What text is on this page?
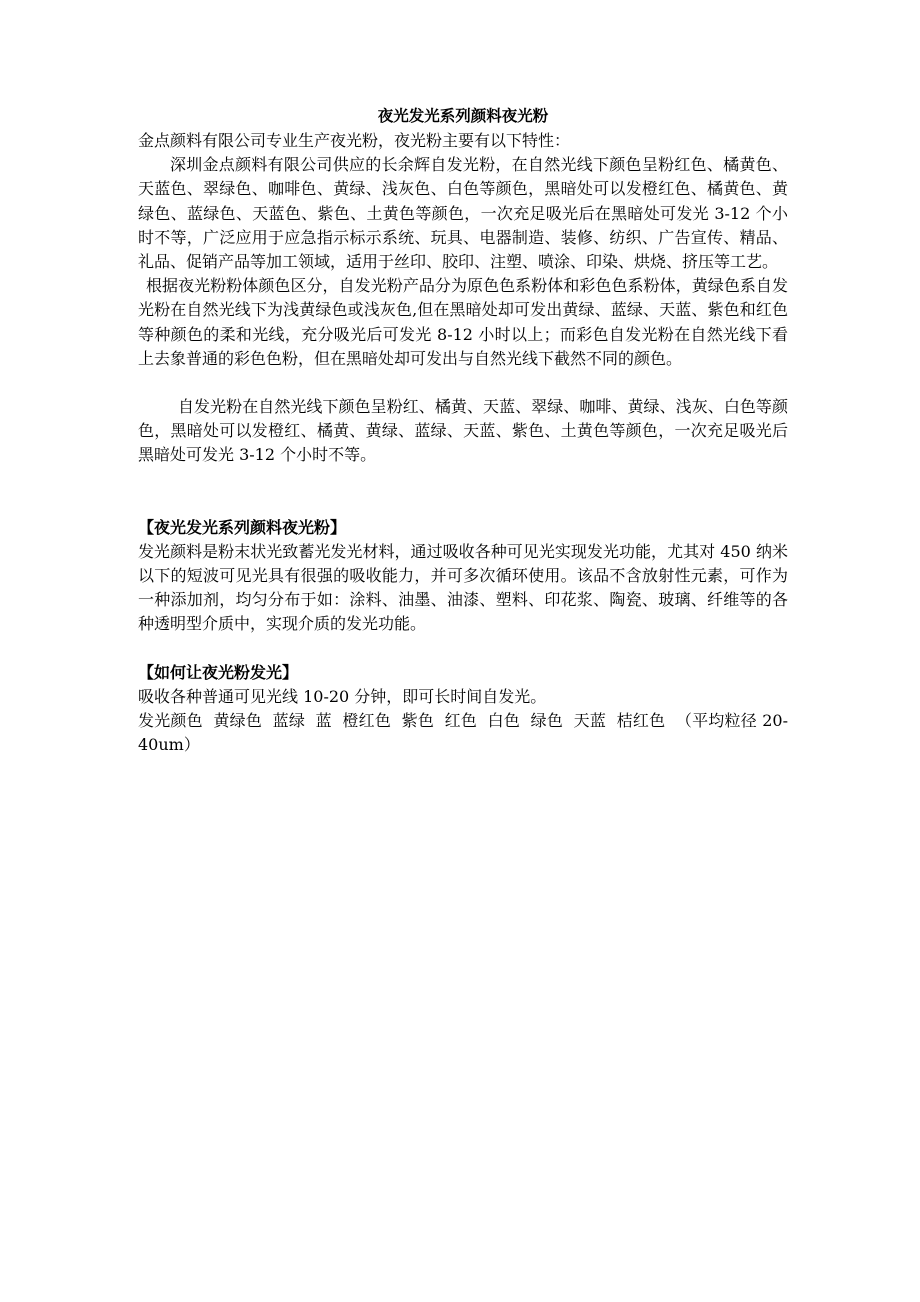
夜光发光系列颜料夜光粉

金点颜料有限公司专业生产夜光粉，夜光粉主要有以下特性：

深圳金点颜料有限公司供应的长余辉自发光粉，在自然光线下颜色呈粉红色、橘黄色、天蓝色、翠绿色、咖啡色、黄绿、浅灰色、白色等颜色，黑暗处可以发橙红色、橘黄色、黄绿色、蓝绿色、天蓝色、紫色、土黄色等颜色，一次充足吸光后在黑暗处可发光 3-12 个小时不等，广泛应用于应急指示标示系统、玩具、电器制造、装修、纺织、广告宣传、精品、礼品、促销产品等加工领域，适用于丝印、胶印、注塑、喷涂、印染、烘烧、挤压等工艺。

根据夜光粉粉体颜色区分，自发光粉产品分为原色色系粉体和彩色色系粉体，黄绿色系自发光粉在自然光线下为浅黄绿色或浅灰色,但在黑暗处却可发出黄绿、蓝绿、天蓝、紫色和红色等种颜色的柔和光线，充分吸光后可发光 8-12 小时以上；而彩色自发光粉在自然光线下看上去象普通的彩色色粉，但在黑暗处却可发出与自然光线下截然不同的颜色。

自发光粉在自然光线下颜色呈粉红、橘黄、天蓝、翠绿、咖啡、黄绿、浅灰、白色等颜色，黑暗处可以发橙红、橘黄、黄绿、蓝绿、天蓝、紫色、土黄色等颜色，一次充足吸光后黑暗处可发光 3-12 个小时不等。

【夜光发光系列颜料夜光粉】

发光颜料是粉末状光致蓄光发光材料，通过吸收各种可见光实现发光功能，尤其对 450 纳米以下的短波可见光具有很强的吸收能力，并可多次循环使用。该品不含放射性元素，可作为一种添加剂，均匀分布于如：涂料、油墨、油漆、塑料、印花浆、陶瓷、玻璃、纤维等的各种透明型介质中，实现介质的发光功能。

【如何让夜光粉发光】

吸收各种普通可见光线 10-20 分钟，即可长时间自发光。

发光颜色  黄绿色  蓝绿  蓝  橙红色  紫色  红色  白色  绿色  天蓝  桔红色  （平均粒径 20-40um）
